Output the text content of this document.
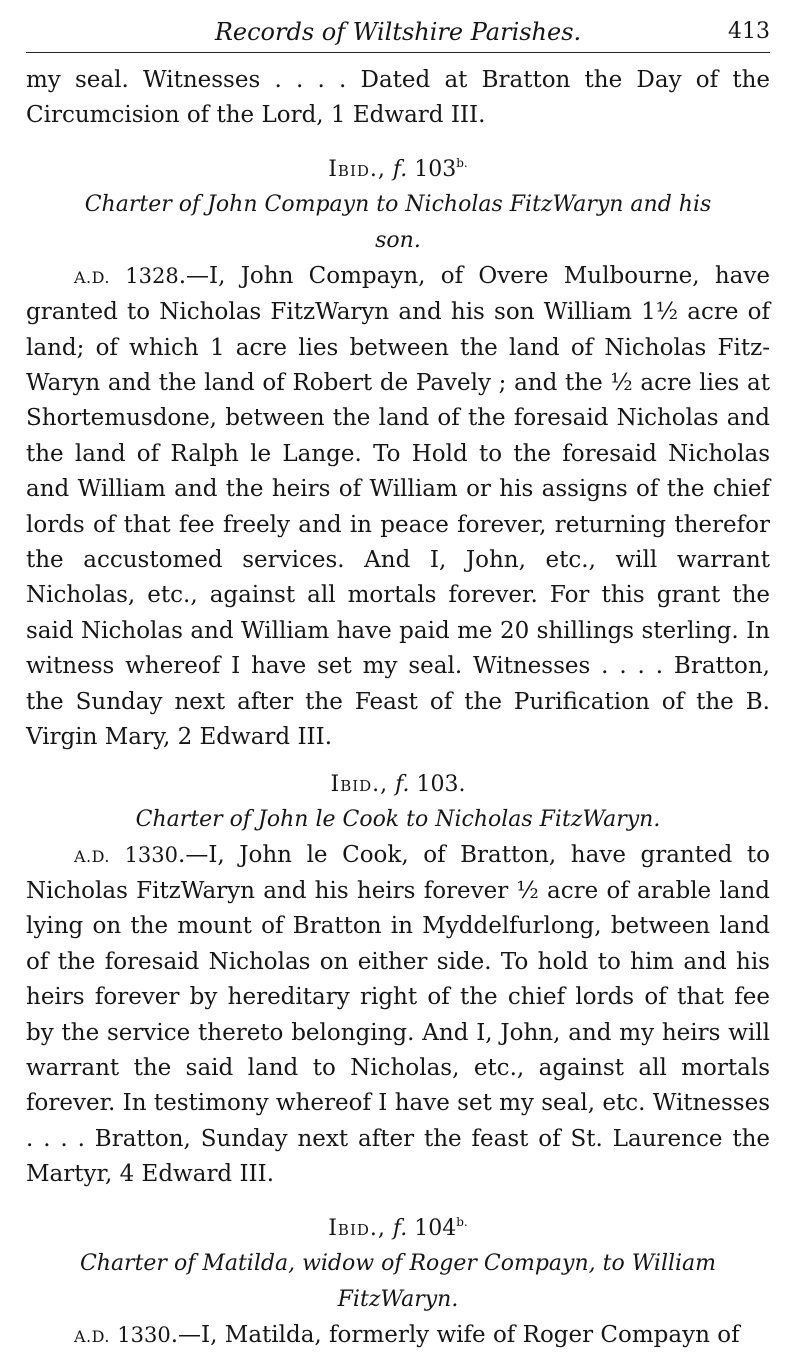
Records of Wiltshire Parishes.	413

my seal. Witnesses . . . . Dated at Bratton the Day of the Circumcision of the Lord, 1 Edward III.

Ibid., f. $103^{b.}$
Charter of John Compayn to Nicholas FitzWaryn and his son.

A.D. 1328.—I, John Compayn, of Overe Mulbourne, have granted to Nicholas FitzWaryn and his son William 1½ acre of land; of which 1 acre lies between the land of Nicholas Fitz-Waryn and the land of Robert de Pavely ; and the ½ acre lies at Shortemusdone, between the land of the foresaid Nicholas and the land of Ralph le Lange. To Hold to the foresaid Nicholas and William and the heirs of William or his assigns of the chief lords of that fee freely and in peace forever, returning therefor the accustomed services. And I, John, etc., will warrant Nicholas, etc., against all mortals forever. For this grant the said Nicholas and William have paid me 20 shillings sterling. In witness whereof I have set my seal. Witnesses . . . . Bratton, the Sunday next after the Feast of the Purification of the B. Virgin Mary, 2 Edward III.

Ibid., f. 103.
Charter of John le Cook to Nicholas FitzWaryn.

A.D. 1330.—I, John le Cook, of Bratton, have granted to Nicholas FitzWaryn and his heirs forever ½ acre of arable land lying on the mount of Bratton in Myddelfurlong, between land of the foresaid Nicholas on either side. To hold to him and his heirs forever by hereditary right of the chief lords of that fee by the service thereto belonging. And I, John, and my heirs will warrant the said land to Nicholas, etc., against all mortals forever. In testimony whereof I have set my seal, etc. Witnesses . . . . Bratton, Sunday next after the feast of St. Laurence the Martyr, 4 Edward III.

Ibid., f. $104^{b.}$
Charter of Matilda, widow of Roger Compayn, to William FitzWaryn.

A.D. 1330.—I, Matilda, formerly wife of Roger Compayn of
